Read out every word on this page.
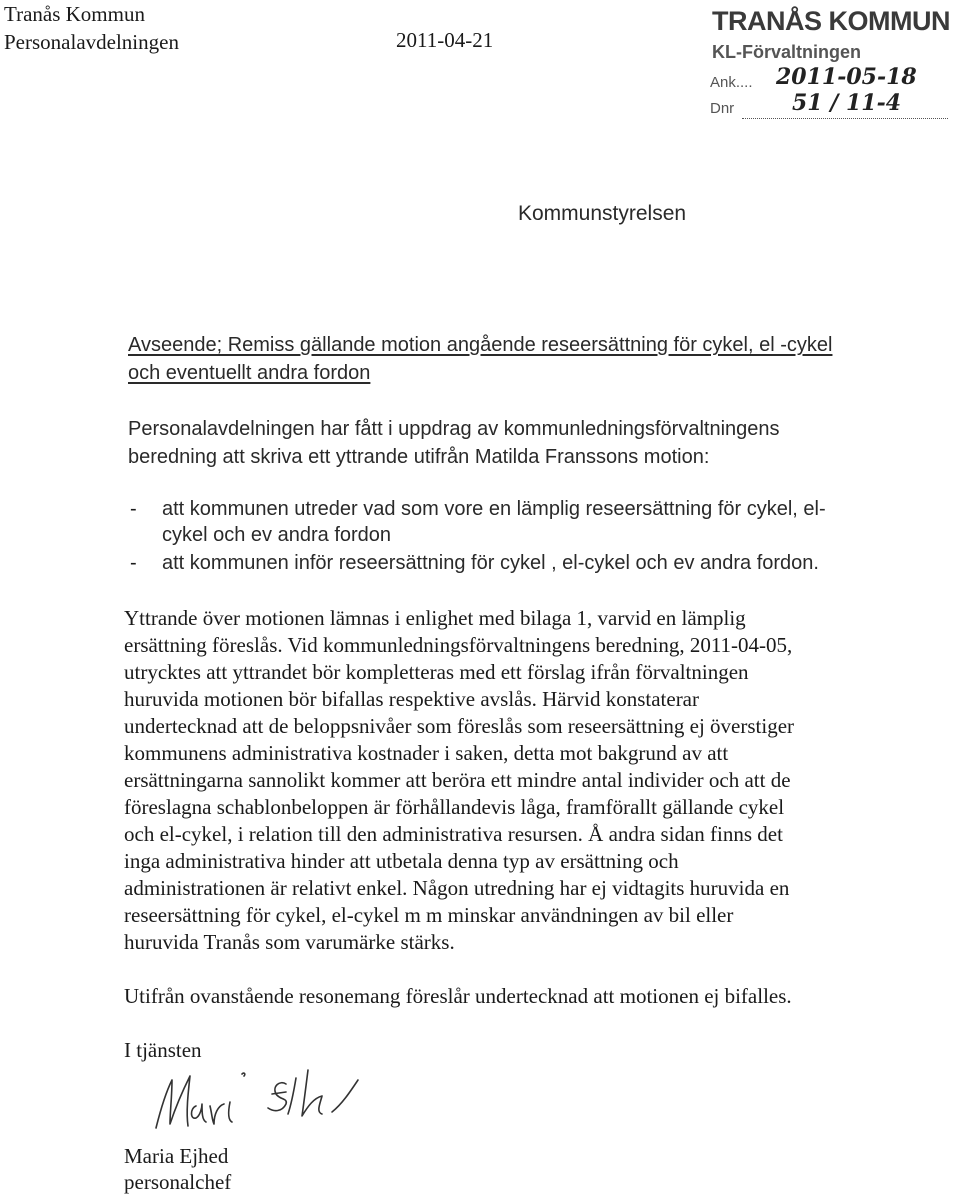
Tranås Kommun
Personalavdelningen	2011-04-21
TRANÅS KOMMUN
KL-Förvaltningen
Ank.... 2011-05-18
Dnr	51 / 11-4
Kommunstyrelsen
Avseende; Remiss gällande motion angående reseersättning för cykel, el -cykel
och eventuellt andra fordon
Personalavdelningen har fått i uppdrag av kommunledningsförvaltningens
beredning att skriva ett yttrande utifrån Matilda Franssons motion:
- att kommunen utreder vad som vore en lämplig reseersättning för cykel, el-
cykel och ev andra fordon
- att kommunen inför reseersättning för cykel , el-cykel och ev andra fordon.
Yttrande över motionen lämnas i enlighet med bilaga 1, varvid en lämplig
ersättning föreslås. Vid kommunledningsförvaltningens beredning, 2011-04-05,
utrycktes att yttrandet bör kompletteras med ett förslag ifrån förvaltningen
huruvida motionen bör bifallas respektive avslås. Härvid konstaterar
undertecknad att de beloppsnivåer som föreslås som reseersättning ej överstiger
kommunens administrativa kostnader i saken, detta mot bakgrund av att
ersättningarna sannolikt kommer att beröra ett mindre antal individer och att de
föreslagna schablonbeloppen är förhållandevis låga, framförallt gällande cykel
och el-cykel, i relation till den administrativa resursen. Å andra sidan finns det
inga administrativa hinder att utbetala denna typ av ersättning och
administrationen är relativt enkel. Någon utredning har ej vidtagits huruvida en
reseersättning för cykel, el-cykel m m minskar användningen av bil eller
huruvida Tranås som varumärke stärks.
Utifrån ovanstående resonemang föreslår undertecknad att motionen ej bifalles.
I tjänsten
Maria Ejhed
personalchef
